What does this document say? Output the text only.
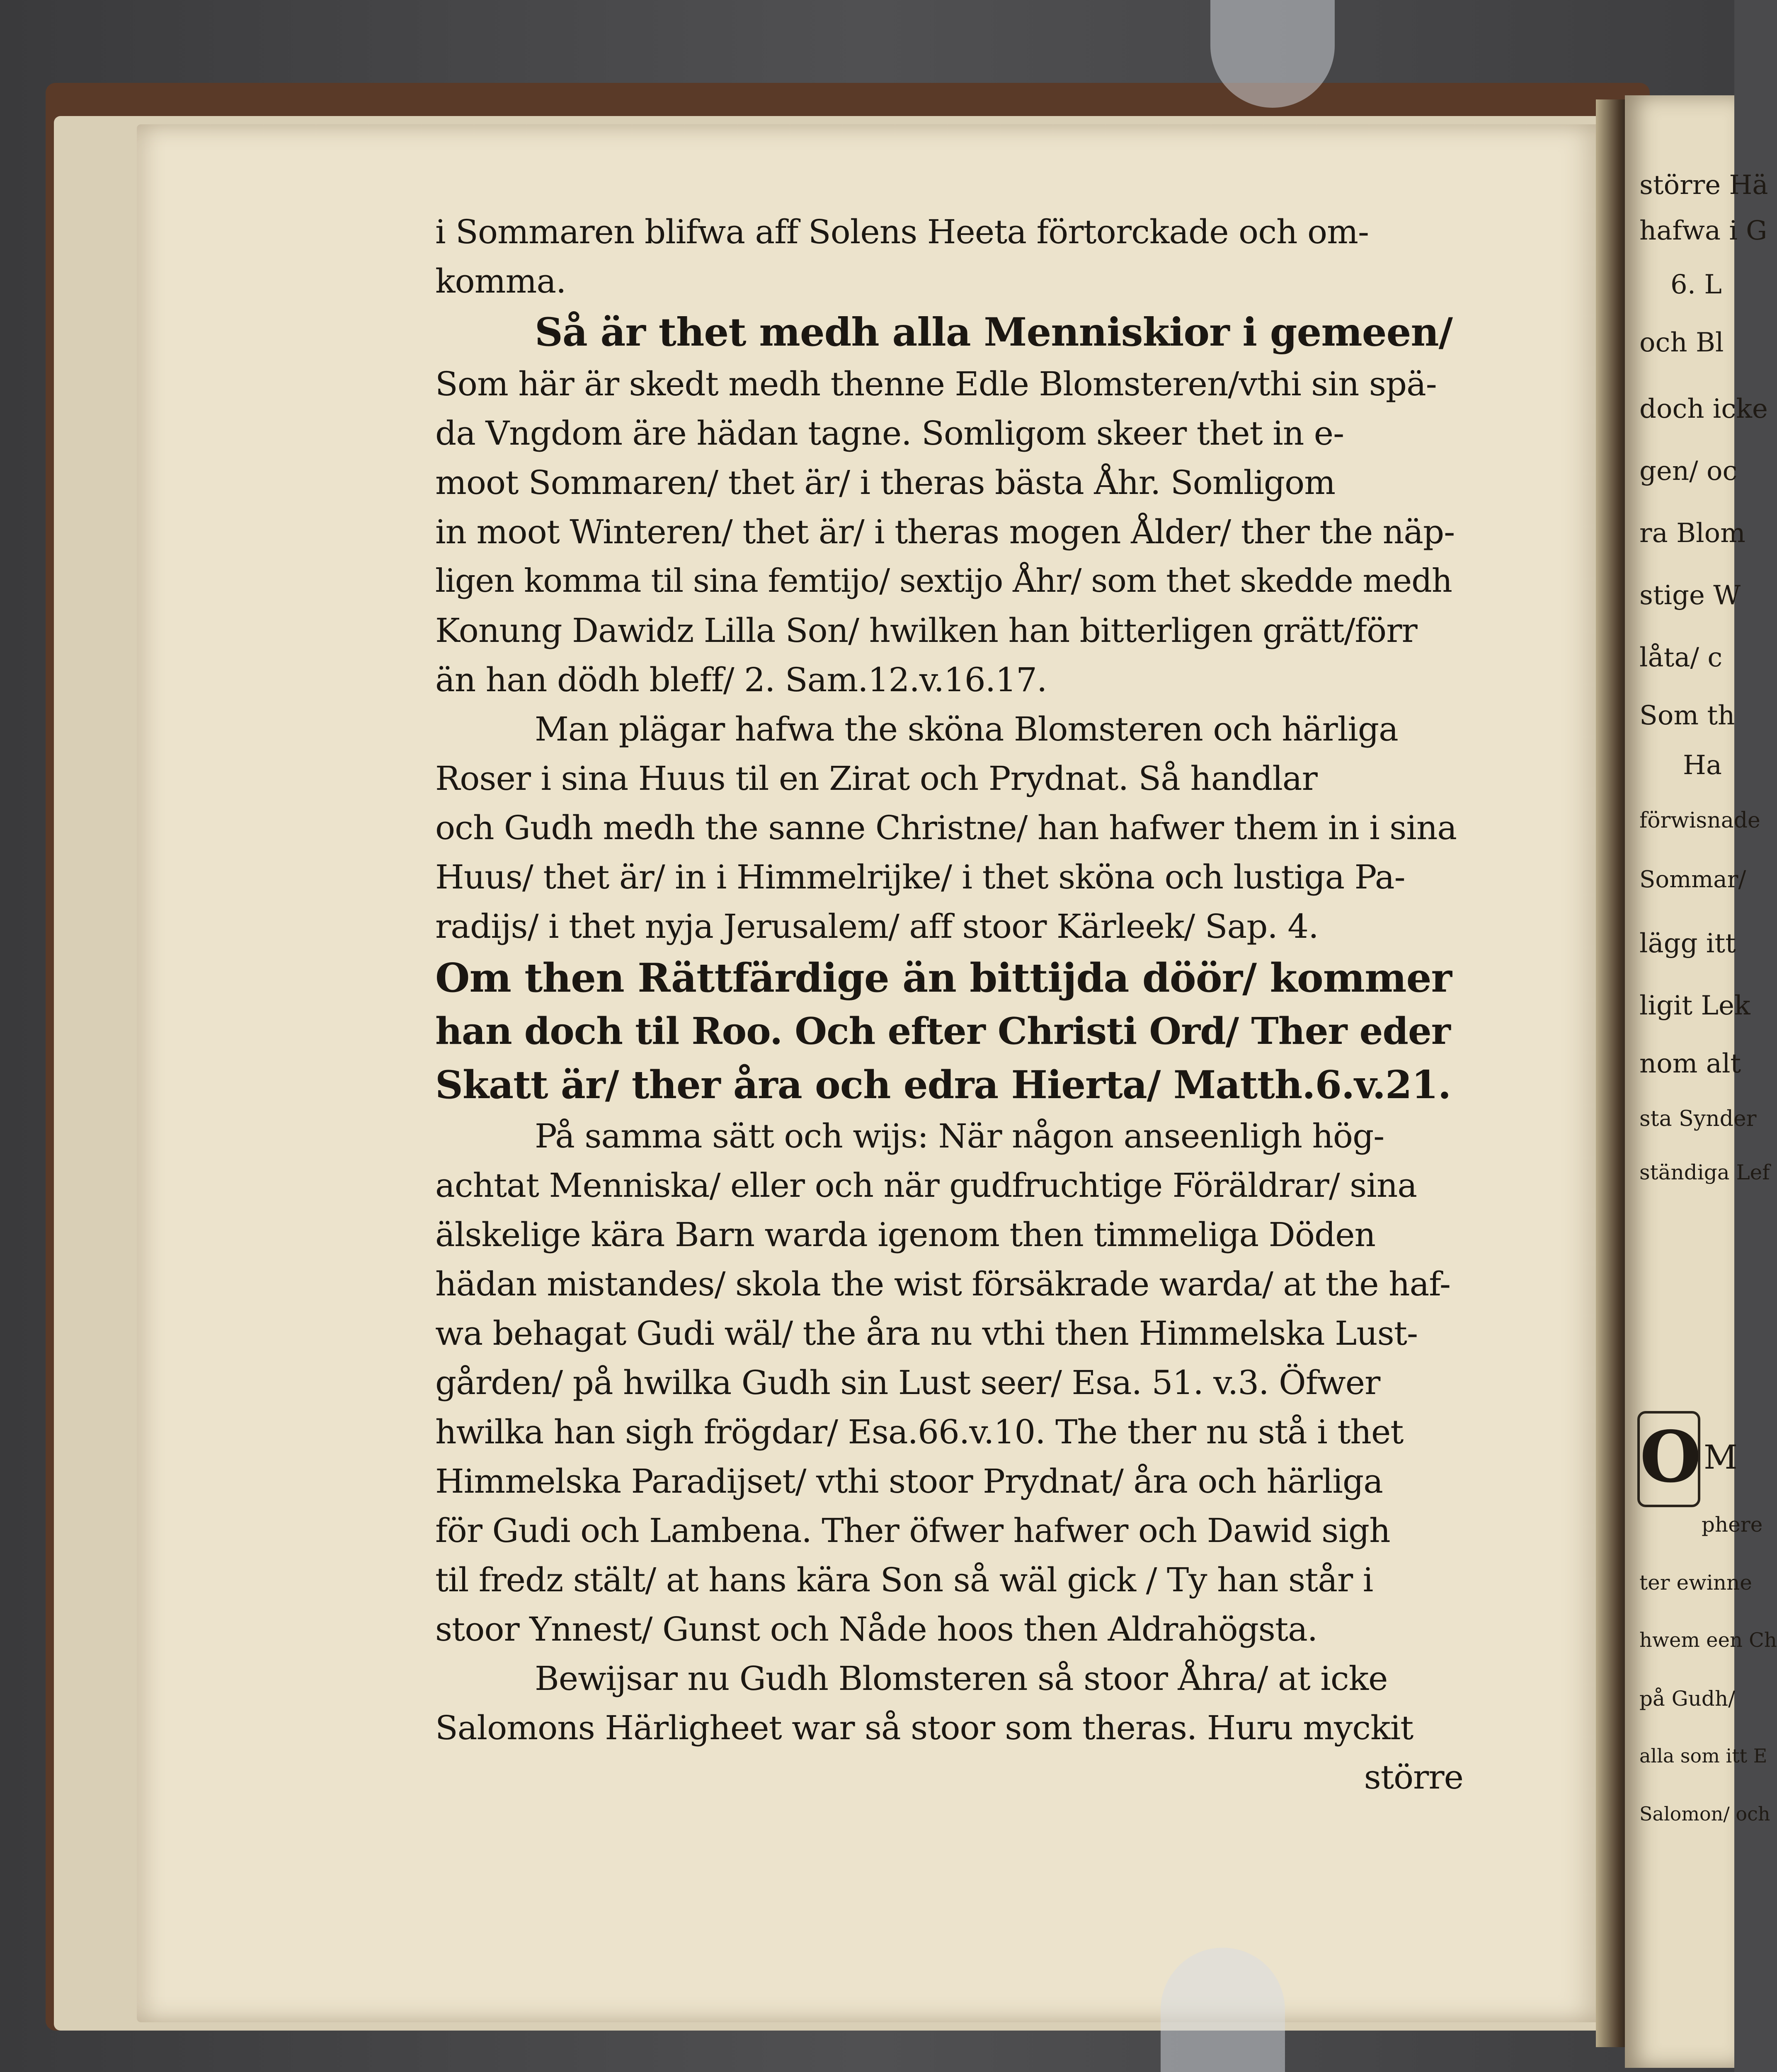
i Sommaren blifwa aff Solens Heeta förtorckade och om-
komma.
Så är thet medh alla Menniskior i gemeen/
Som här är skedt medh thenne Edle Blomsteren/vthi sin spä-
da Vngdom äre hädan tagne. Somligom skeer thet in e-
moot Sommaren/ thet är/ i theras bästa Åhr. Somligom
in moot Winteren/ thet är/ i theras mogen Ålder/ ther the näp-
ligen komma til sina femtijo/ sextijo Åhr/ som thet skedde medh
Konung Dawidz Lilla Son/ hwilken han bitterligen grätt/förr
än han dödh bleff/ 2. Sam.12.v.16.17.
Man plägar hafwa the sköna Blomsteren och härliga
Roser i sina Huus til en Zirat och Prydnat. Så handlar
och Gudh medh the sanne Christne/ han hafwer them in i sina
Huus/ thet är/ in i Himmelrijke/ i thet sköna och lustiga Pa-
radijs/ i thet nyja Jerusalem/ aff stoor Kärleek/ Sap. 4.
Om then Rättfärdige än bittijda döör/ kommer
han doch til Roo. Och efter Christi Ord/ Ther eder
Skatt är/ ther åra och edra Hierta/ Matth.6.v.21.
På samma sätt och wijs: När någon anseenligh hög-
achtat Menniska/ eller och när gudfruchtige Föräldrar/ sina
älskelige kära Barn warda igenom then timmeliga Döden
hädan mistandes/ skola the wist försäkrade warda/ at the haf-
wa behagat Gudi wäl/ the åra nu vthi then Himmelska Lust-
gården/ på hwilka Gudh sin Lust seer/ Esa. 51. v.3. Öfwer
hwilka han sigh frögdar/ Esa.66.v.10. The ther nu stå i thet
Himmelska Paradijset/ vthi stoor Prydnat/ åra och härliga
för Gudi och Lambena. Ther öfwer hafwer och Dawid sigh
til fredz stält/ at hans kära Son så wäl gick / Ty han står i
stoor Ynnest/ Gunst och Nåde hoos then Aldrahögsta.
Bewijsar nu Gudh Blomsteren så stoor Åhra/ at icke
Salomons Härligheet war så stoor som theras. Huru myckit
större
större Hä
hafwa i G
6. L
och Bl
doch icke
gen/ oc
ra Blom
stige W
låta/ c
Som th
Ha
förwisnade
Sommar/
lägg itt
ligit Lek
nom alt
sta Synder
ständiga Lef
O M
phere
ter ewinne
hwem een Ch
på Gudh/
alla som itt E
Salomon/ och
